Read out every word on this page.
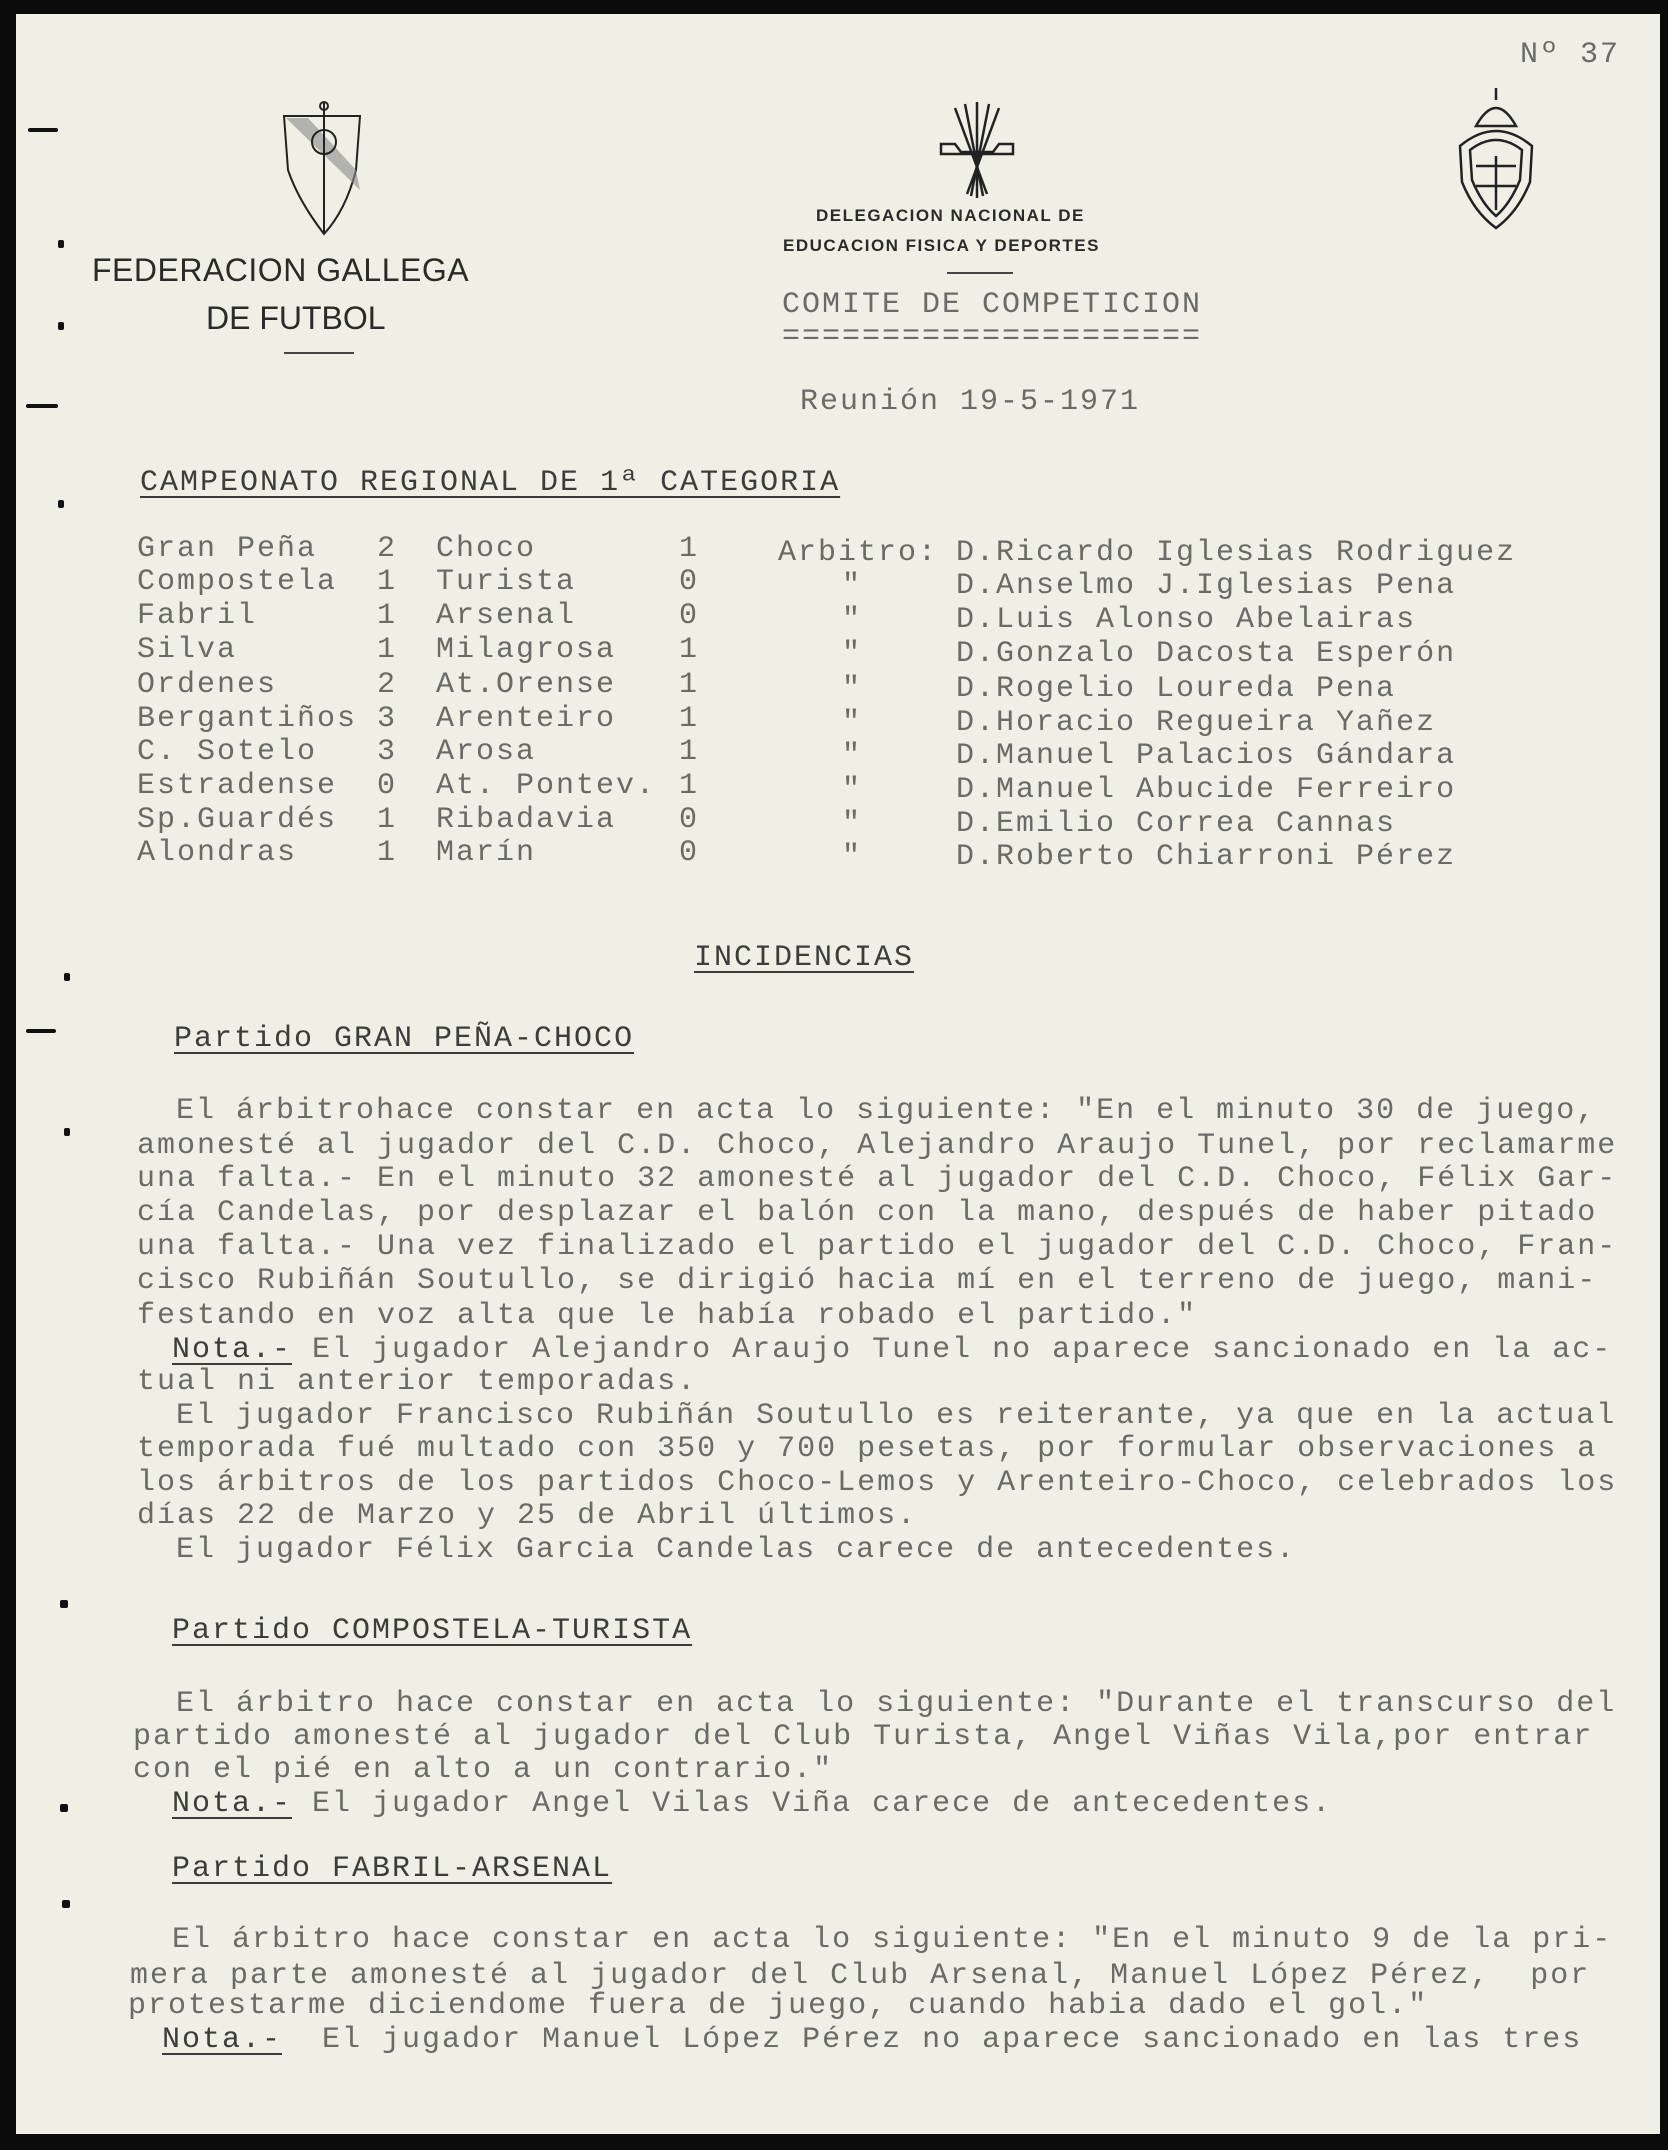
Nº 37
FEDERACION GALLEGA
DE FUTBOL
DELEGACION NACIONAL DE
EDUCACION FISICA Y DEPORTES
COMITE DE COMPETICION
=====================
Reunión 19-5-1971
CAMPEONATO REGIONAL DE 1ª CATEGORIA
Gran Peña 2 Choco	1	Arbitro: D.Ricardo Iglesias Rodriguez
Compostela 1 Turista	0	"	D.Anselmo J.Iglesias Pena
Fabril	1 Arsenal	0	"	D.Luis Alonso Abelairas
Silva	1 Milagrosa 1	"	D.Gonzalo Dacosta Esperón
Ordenes	2 At.Orense 1	"	D.Rogelio Loureda Pena
Bergantiños 3 Arenteiro 1	"	D.Horacio Regueira Yañez
C. Sotelo 3 Arosa	1	"	D.Manuel Palacios Gándara
Estradense 0 At. Pontev. 1	"	D.Manuel Abucide Ferreiro
Sp.Guardés 1 Ribadavia 0	"	D.Emilio Correa Cannas
Alondras	1 Marín	0	"	D.Roberto Chiarroni Pérez
INCIDENCIAS
Partido GRAN PEÑA-CHOCO
El árbitrohace constar en acta lo siguiente: "En el minuto 30 de juego,
amonesté al jugador del C.D. Choco, Alejandro Araujo Tunel, por reclamarme
una falta.- En el minuto 32 amonesté al jugador del C.D. Choco, Félix Gar-
cía Candelas, por desplazar el balón con la mano, después de haber pitado
una falta.- Una vez finalizado el partido el jugador del C.D. Choco, Fran-
cisco Rubiñán Soutullo, se dirigió hacia mí en el terreno de juego, mani-
festando en voz alta que le había robado el partido."
Nota.- El jugador Alejandro Araujo Tunel no aparece sancionado en la ac-
tual ni anterior temporadas.
El jugador Francisco Rubiñán Soutullo es reiterante, ya que en la actual
temporada fué multado con 350 y 700 pesetas, por formular observaciones a
los árbitros de los partidos Choco-Lemos y Arenteiro-Choco, celebrados los
días 22 de Marzo y 25 de Abril últimos.
El jugador Félix Garcia Candelas carece de antecedentes.
Partido COMPOSTELA-TURISTA
El árbitro hace constar en acta lo siguiente: "Durante el transcurso del
partido amonesté al jugador del Club Turista, Angel Viñas Vila,por entrar
con el pié en alto a un contrario."
Nota.- El jugador Angel Vilas Viña carece de antecedentes.
Partido FABRIL-ARSENAL
El árbitro hace constar en acta lo siguiente: "En el minuto 9 de la pri-
mera parte amonesté al jugador del Club Arsenal, Manuel López Pérez,  por
protestarme diciendome fuera de juego, cuando habia dado el gol."
Nota.-  El jugador Manuel López Pérez no aparece sancionado en las tres
